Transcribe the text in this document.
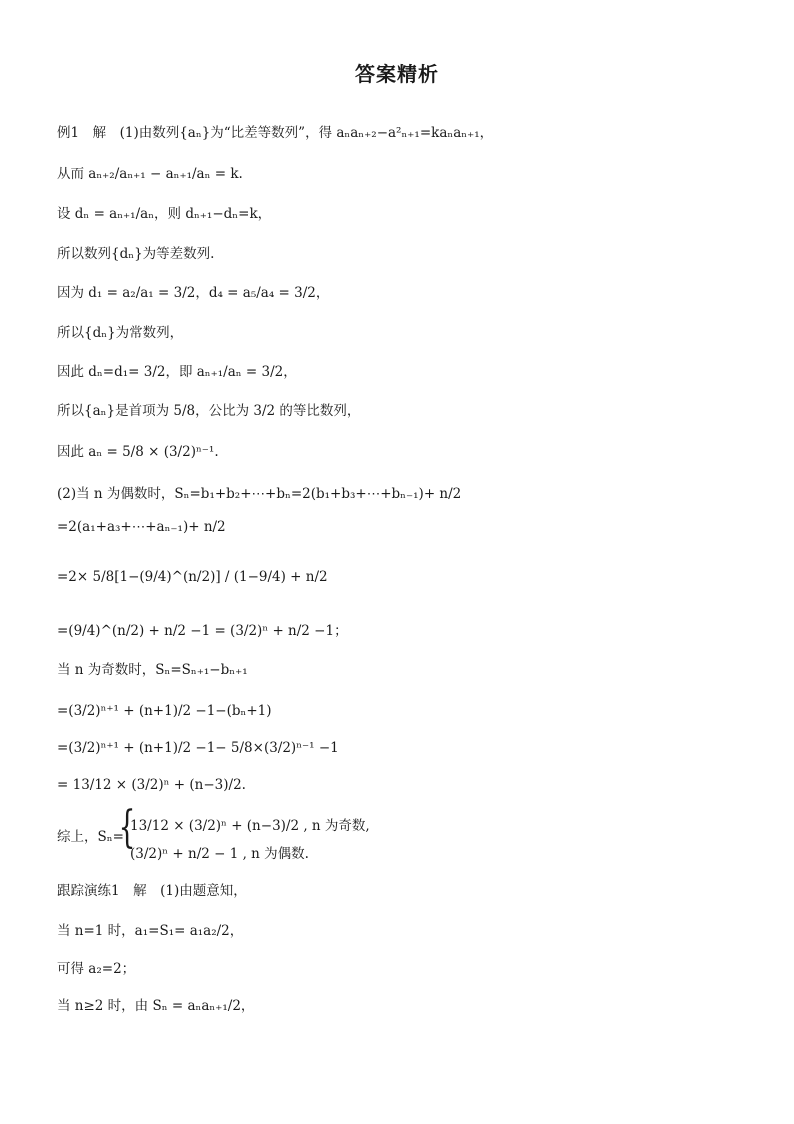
答案精析
例1　解　(1)由数列{aₙ}为“比差等数列”，得 aₙaₙ₊₂−a²ₙ₊₁=kaₙaₙ₊₁，
从而 aₙ₊₂/aₙ₊₁ − aₙ₊₁/aₙ = k.
设 dₙ = aₙ₊₁/aₙ，则 dₙ₊₁−dₙ=k，
所以数列{dₙ}为等差数列.
因为 d₁ = a₂/a₁ = 3/2，d₄ = a₅/a₄ = 3/2，
所以{dₙ}为常数列，
因此 dₙ=d₁= 3/2，即 aₙ₊₁/aₙ = 3/2，
所以{aₙ}是首项为 5/8，公比为 3/2 的等比数列，
因此 aₙ = 5/8 × (3/2)ⁿ⁻¹.
(2)当 n 为偶数时，Sₙ=b₁+b₂+⋯+bₙ=2(b₁+b₃+⋯+bₙ₋₁)+ n/2
=2(a₁+a₃+⋯+aₙ₋₁)+ n/2
=2× 5/8[1−(9/4)^(n/2)] / (1−9/4) + n/2
=(9/4)^(n/2) + n/2 −1 = (3/2)ⁿ + n/2 −1；
当 n 为奇数时，Sₙ=Sₙ₊₁−bₙ₊₁
=(3/2)ⁿ⁺¹ + (n+1)/2 −1−(bₙ+1)
=(3/2)ⁿ⁺¹ + (n+1)/2 −1− 5/8×(3/2)ⁿ⁻¹ −1
= 13/12 × (3/2)ⁿ + (n−3)/2.
综上，Sₙ=
{
13/12 × (3/2)ⁿ + (n−3)/2 , n 为奇数,
(3/2)ⁿ + n/2 − 1 , n 为偶数.
跟踪演练1　解　(1)由题意知，
当 n=1 时，a₁=S₁= a₁a₂/2，
可得 a₂=2；
当 n≥2 时，由 Sₙ = aₙaₙ₊₁/2，
